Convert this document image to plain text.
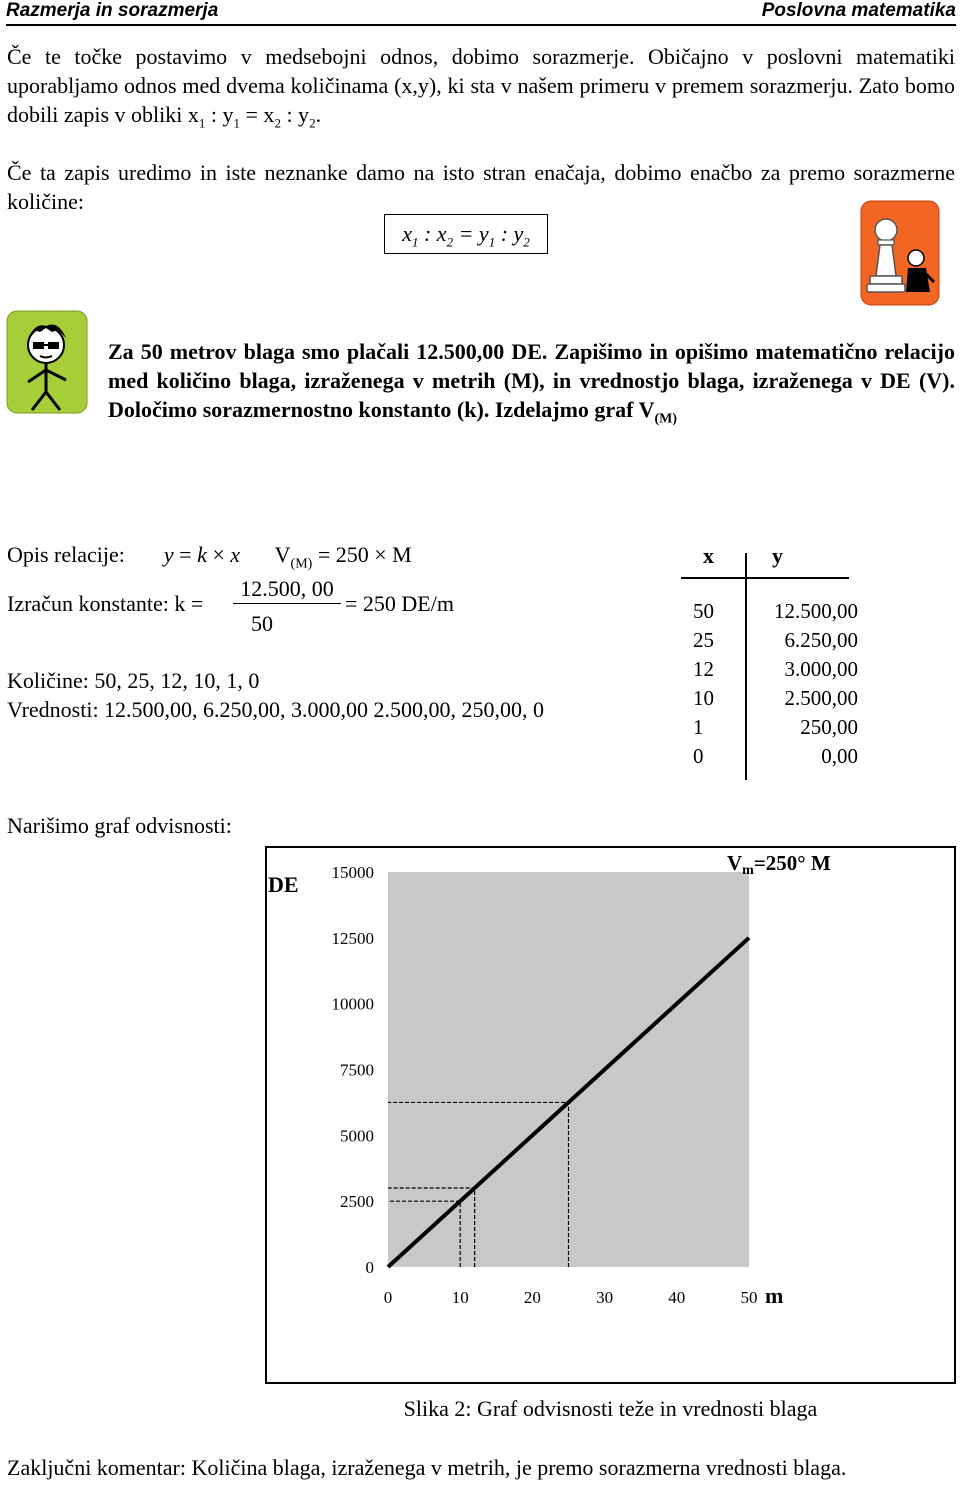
Razmerja in sorazmerja	Poslovna matematika
Če te točke postavimo v medsebojni odnos, dobimo sorazmerje. Običajno v poslovni matematiki uporabljamo odnos med dvema količinama (x,y), ki sta v našem primeru v premem sorazmerju. Zato bomo dobili zapis v obliki $x_1$ : $y_1 = x_2$ : $y_2$.
Če ta zapis uredimo in iste neznanke damo na isto stran enačaja, dobimo enačbo za premo sorazmerne količine:
$x_1$ : $x_2 = y_1$ : $y_2$
Za 50 metrov blaga smo plačali 12.500,00 DE. Zapišimo in opišimo matematično relacijo med količino blaga, izraženega v metrih (M), in vrednostjo blaga, izraženega v DE (V). Določimo sorazmernostno konstanto (k). Izdelajmo graf $V_{(M)}$
Opis relacije: y = k × x $V_{(M)} = 250 \times M$
Izračun konstante: k =
12.500, 00
50
= 250 DE/m
Količine: 50, 25, 12, 10, 1, 0
Vrednosti: 12.500,00, 6.250,00, 3.000,00 2.500,00, 250,00, 0
x	y
50	12.500,00
25	6.250,00
12	3.000,00
10	2.500,00
1	250,00
0	0,00
Narišimo graf odvisnosti:
0
2500
5000
7500
10000
12500
15000
0	10	20	30	40	50
DE
m
Vm=250° M
Slika 2: Graf odvisnosti teže in vrednosti blaga
Zaključni komentar: Količina blaga, izraženega v metrih, je premo sorazmerna vrednosti blaga.
